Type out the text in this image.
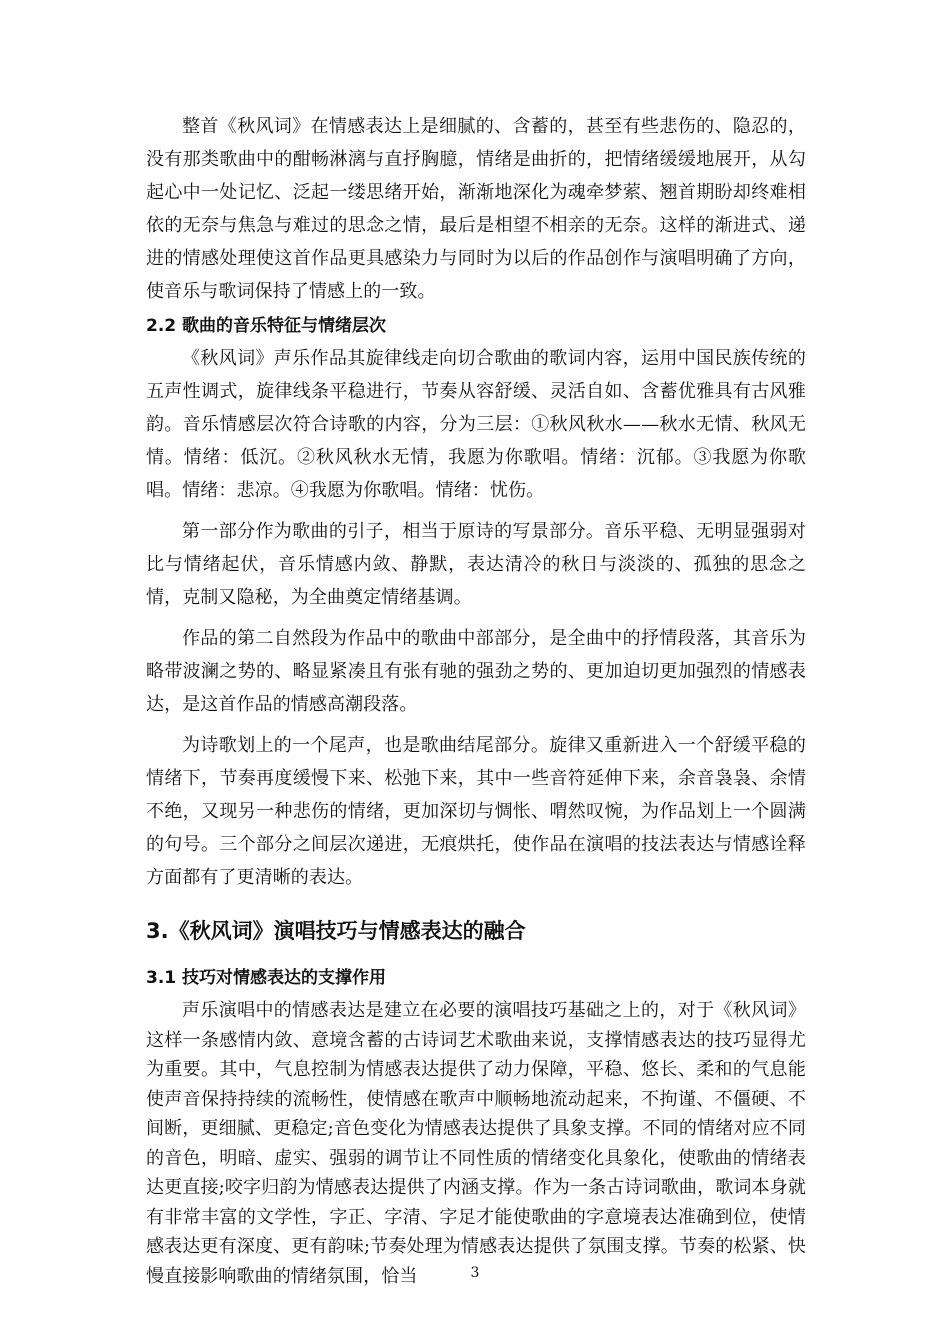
整首《秋风词》在情感表达上是细腻的、含蓄的，甚至有些悲伤的、隐忍的，没有那类歌曲中的酣畅淋漓与直抒胸臆，情绪是曲折的，把情绪缓缓地展开，从勾起心中一处记忆、泛起一缕思绪开始，渐渐地深化为魂牵梦萦、翘首期盼却终难相依的无奈与焦急与难过的思念之情，最后是相望不相亲的无奈。这样的渐进式、递进的情感处理使这首作品更具感染力与同时为以后的作品创作与演唱明确了方向，使音乐与歌词保持了情感上的一致。

2.2 歌曲的音乐特征与情绪层次

《秋风词》声乐作品其旋律线走向切合歌曲的歌词内容，运用中国民族传统的五声性调式，旋律线条平稳进行，节奏从容舒缓、灵活自如、含蓄优雅具有古风雅韵。音乐情感层次符合诗歌的内容，分为三层：①秋风秋水——秋水无情、秋风无情。情绪：低沉。②秋风秋水无情，我愿为你歌唱。情绪：沉郁。③我愿为你歌唱。情绪：悲凉。④我愿为你歌唱。情绪：忧伤。

第一部分作为歌曲的引子，相当于原诗的写景部分。音乐平稳、无明显强弱对比与情绪起伏，音乐情感内敛、静默，表达清冷的秋日与淡淡的、孤独的思念之情，克制又隐秘，为全曲奠定情绪基调。

作品的第二自然段为作品中的歌曲中部部分，是全曲中的抒情段落，其音乐为略带波澜之势的、略显紧凑且有张有驰的强劲之势的、更加迫切更加强烈的情感表达，是这首作品的情感高潮段落。

为诗歌划上的一个尾声，也是歌曲结尾部分。旋律又重新进入一个舒缓平稳的情绪下，节奏再度缓慢下来、松弛下来，其中一些音符延伸下来，余音袅袅、余情不绝，又现另一种悲伤的情绪，更加深切与惆怅、喟然叹惋，为作品划上一个圆满的句号。三个部分之间层次递进，无痕烘托，使作品在演唱的技法表达与情感诠释方面都有了更清晰的表达。

3.《秋风词》演唱技巧与情感表达的融合
3.1 技巧对情感表达的支撑作用

声乐演唱中的情感表达是建立在必要的演唱技巧基础之上的，对于《秋风词》这样一条感情内敛、意境含蓄的古诗词艺术歌曲来说，支撑情感表达的技巧显得尤为重要。其中，气息控制为情感表达提供了动力保障，平稳、悠长、柔和的气息能使声音保持持续的流畅性，使情感在歌声中顺畅地流动起来，不拘谨、不僵硬、不间断，更细腻、更稳定;音色变化为情感表达提供了具象支撑。不同的情绪对应不同的音色，明暗、虚实、强弱的调节让不同性质的情绪变化具象化，使歌曲的情绪表达更直接;咬字归韵为情感表达提供了内涵支撑。作为一条古诗词歌曲，歌词本身就有非常丰富的文学性，字正、字清、字足才能使歌曲的字意境表达准确到位，使情感表达更有深度、更有韵味;节奏处理为情感表达提供了氛围支撑。节奏的松紧、快慢直接影响歌曲的情绪氛围，恰当	3
